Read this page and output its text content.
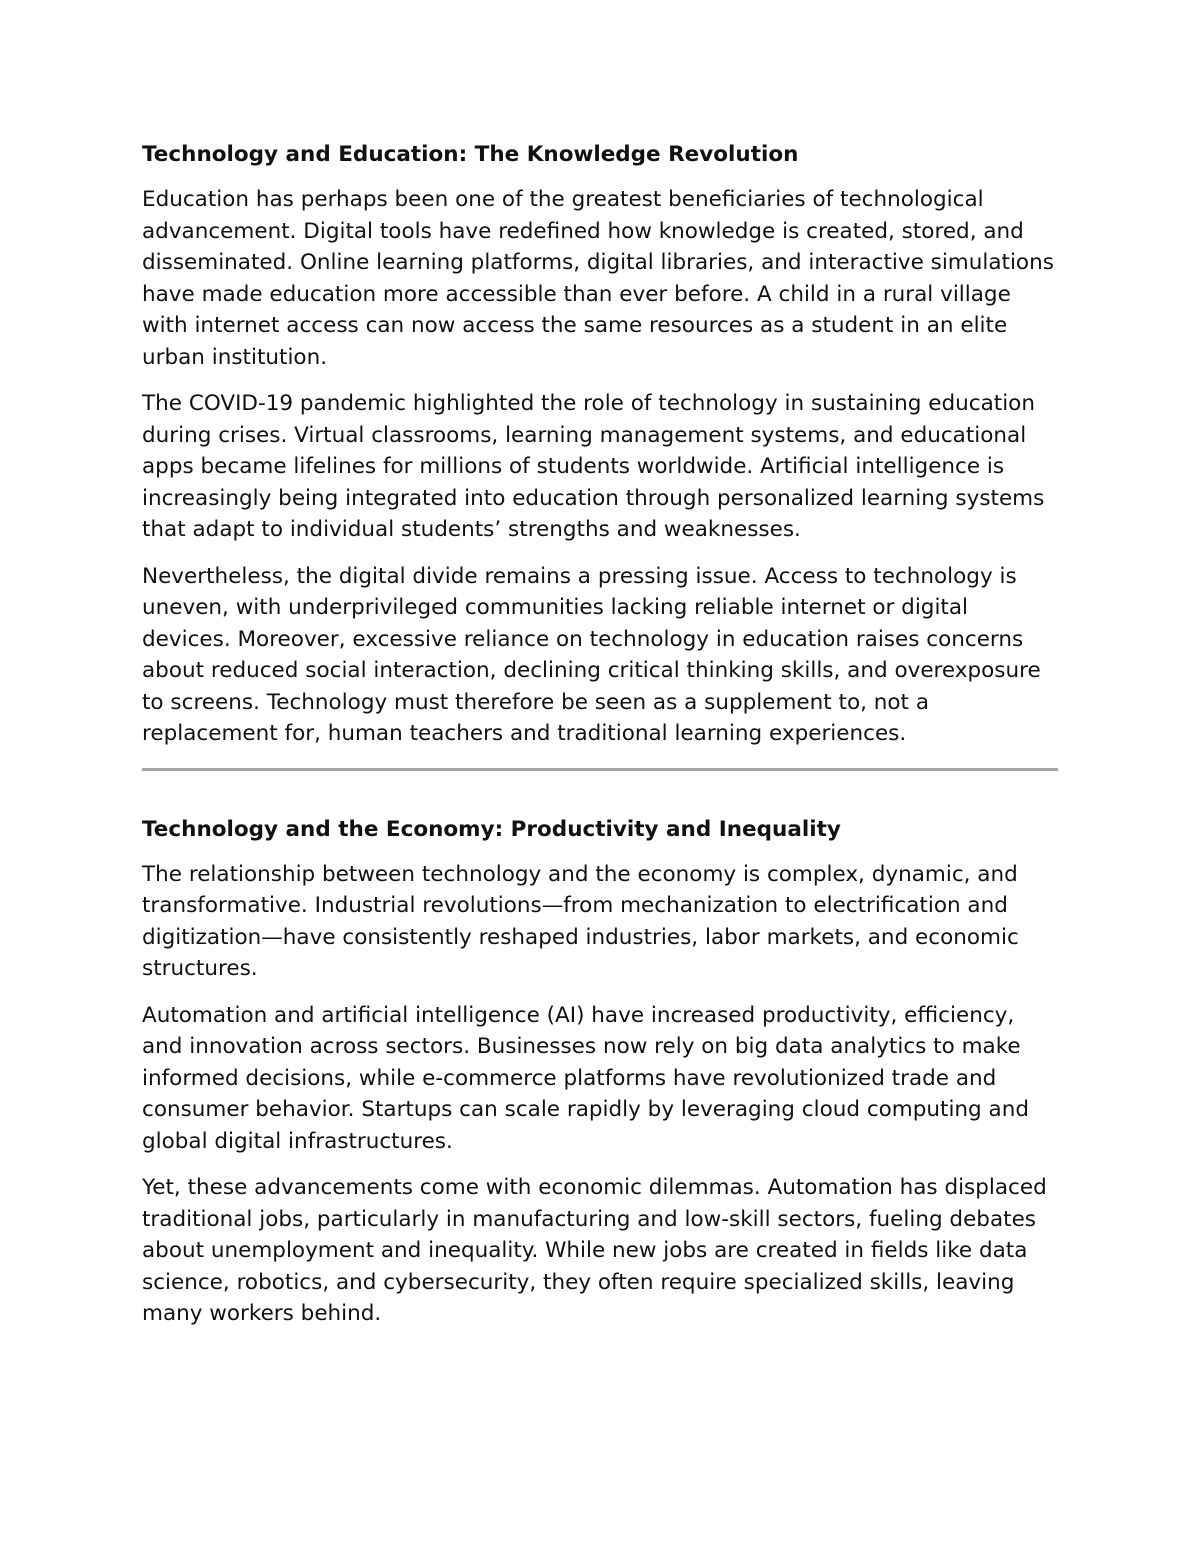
Technology and Education: The Knowledge Revolution

Education has perhaps been one of the greatest beneficiaries of technological advancement. Digital tools have redefined how knowledge is created, stored, and disseminated. Online learning platforms, digital libraries, and interactive simulations have made education more accessible than ever before. A child in a rural village with internet access can now access the same resources as a student in an elite urban institution.

The COVID-19 pandemic highlighted the role of technology in sustaining education during crises. Virtual classrooms, learning management systems, and educational apps became lifelines for millions of students worldwide. Artificial intelligence is increasingly being integrated into education through personalized learning systems that adapt to individual students’ strengths and weaknesses.

Nevertheless, the digital divide remains a pressing issue. Access to technology is uneven, with underprivileged communities lacking reliable internet or digital devices. Moreover, excessive reliance on technology in education raises concerns about reduced social interaction, declining critical thinking skills, and overexposure to screens. Technology must therefore be seen as a supplement to, not a replacement for, human teachers and traditional learning experiences.

Technology and the Economy: Productivity and Inequality

The relationship between technology and the economy is complex, dynamic, and transformative. Industrial revolutions—from mechanization to electrification and digitization—have consistently reshaped industries, labor markets, and economic structures.

Automation and artificial intelligence (AI) have increased productivity, efficiency, and innovation across sectors. Businesses now rely on big data analytics to make informed decisions, while e-commerce platforms have revolutionized trade and consumer behavior. Startups can scale rapidly by leveraging cloud computing and global digital infrastructures.

Yet, these advancements come with economic dilemmas. Automation has displaced traditional jobs, particularly in manufacturing and low-skill sectors, fueling debates about unemployment and inequality. While new jobs are created in fields like data science, robotics, and cybersecurity, they often require specialized skills, leaving many workers behind.
